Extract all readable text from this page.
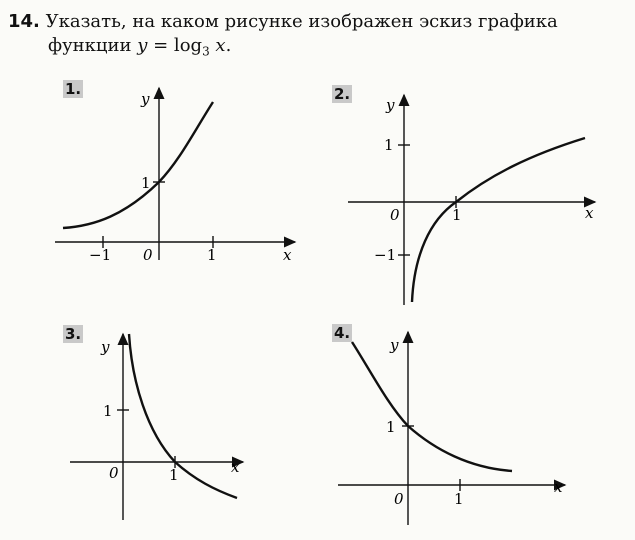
14. Указать, на каком рисунке изображен эскиз графика
функции $y = \log_3 x$.
1.
y
x
0	1
−1
1
2.
y
x
0	1
1
−1
3.
y
x
0	1
1
4.
y
x
0	1
1
